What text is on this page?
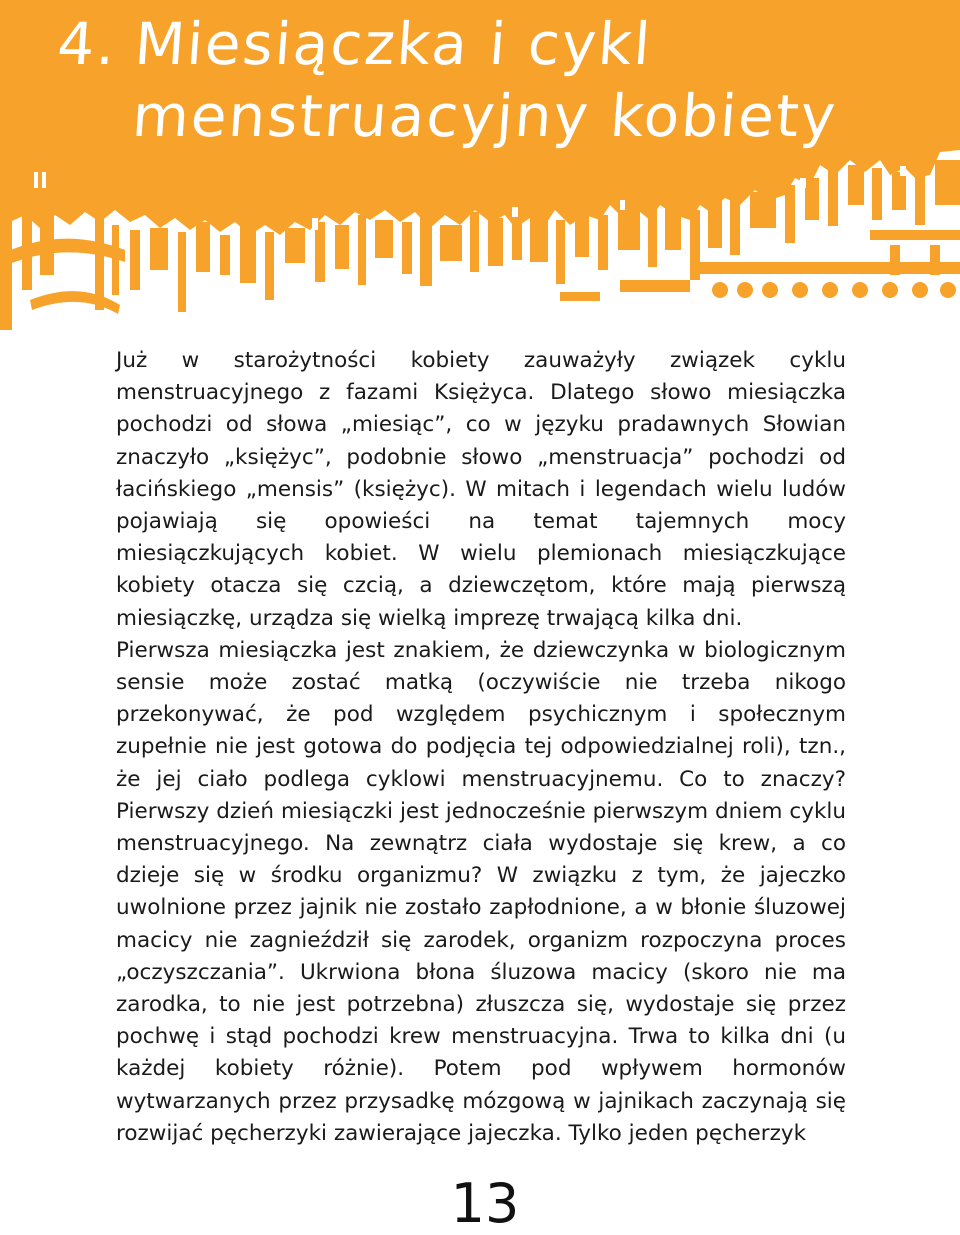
4. Miesiączka i cykl
menstruacyjny kobiety

Już w starożytności kobiety zauważyły związek cyklu menstruacyjnego z fazami Księżyca. Dlatego słowo miesiączka pochodzi od słowa „miesiąc”, co w języku pradawnych Słowian znaczyło „księżyc”, podobnie słowo „menstruacja” pochodzi od łacińskiego „mensis” (księżyc). W mitach i legendach wielu ludów pojawiają się opowieści na temat tajemnych mocy miesiączkujących kobiet. W wielu plemionach miesiączkujące kobiety otacza się czcią, a dziewczętom, które mają pierwszą miesiączkę, urządza się wielką imprezę trwającą kilka dni.

Pierwsza miesiączka jest znakiem, że dziewczynka w biologicznym sensie może zostać matką (oczywiście nie trzeba nikogo przekonywać, że pod względem psychicznym i społecznym zupełnie nie jest gotowa do podjęcia tej odpowiedzialnej roli), tzn., że jej ciało podlega cyklowi menstruacyjnemu. Co to znaczy? Pierwszy dzień miesiączki jest jednocześnie pierwszym dniem cyklu menstruacyjnego. Na zewnątrz ciała wydostaje się krew, a co dzieje się w środku organizmu? W związku z tym, że jajeczko uwolnione przez jajnik nie zostało zapłodnione, a w błonie śluzowej macicy nie zagnieździł się zarodek, organizm rozpoczyna proces „oczyszczania”. Ukrwiona błona śluzowa macicy (skoro nie ma zarodka, to nie jest potrzebna) złuszcza się, wydostaje się przez pochwę i stąd pochodzi krew menstruacyjna. Trwa to kilka dni (u każdej kobiety różnie). Potem pod wpływem hormonów wytwarzanych przez przysadkę mózgową w jajnikach zaczynają się rozwijać pęcherzyki zawierające jajeczka. Tylko jeden pęcherzyk

13
